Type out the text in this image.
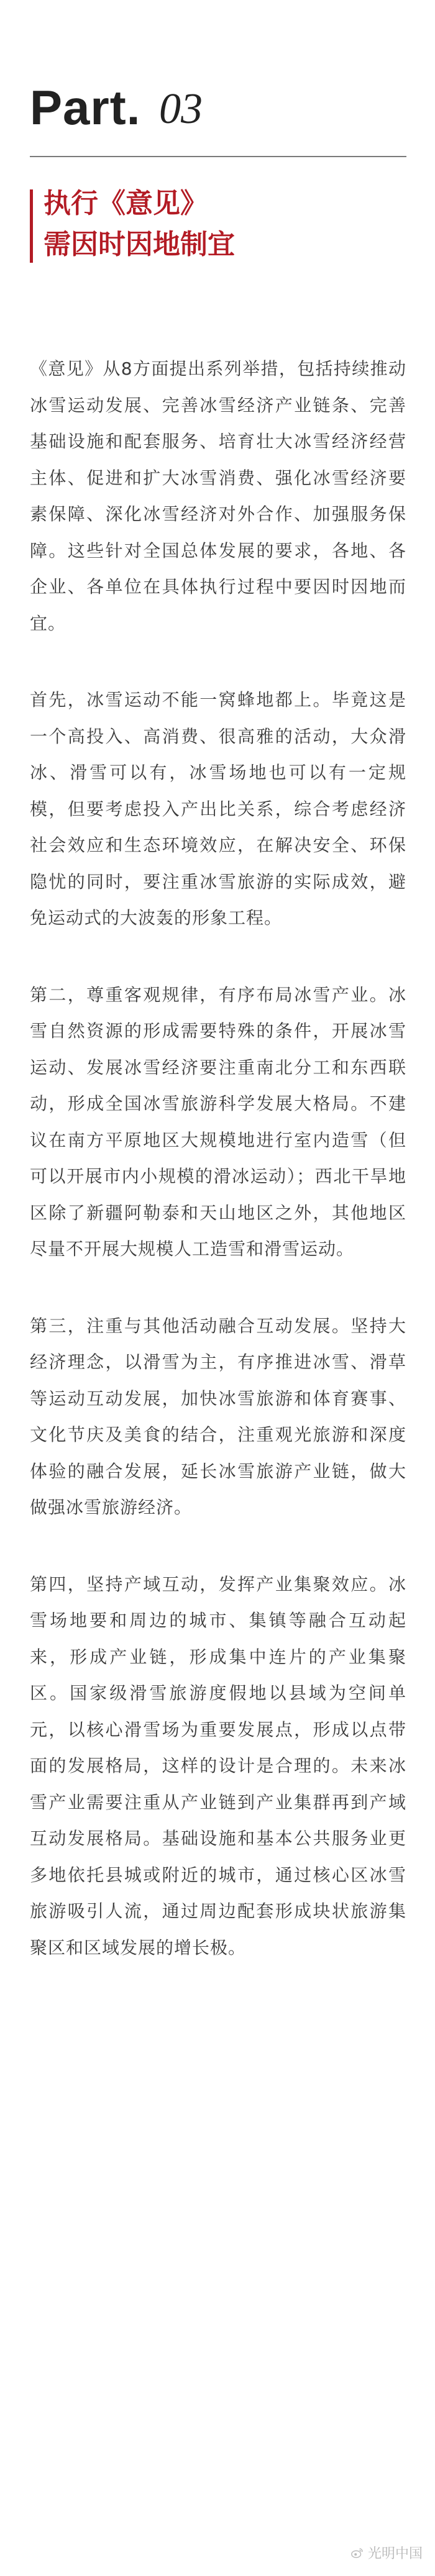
Part. 03
执行《意见》
需因时因地制宜

《意见》从8方面提出系列举措，包括持续推动冰雪运动发展、完善冰雪经济产业链条、完善基础设施和配套服务、培育壮大冰雪经济经营主体、促进和扩大冰雪消费、强化冰雪经济要素保障、深化冰雪经济对外合作、加强服务保障。这些针对全国总体发展的要求，各地、各企业、各单位在具体执行过程中要因时因地而宜。

首先，冰雪运动不能一窝蜂地都上。毕竟这是一个高投入、高消费、很高雅的活动，大众滑冰、滑雪可以有，冰雪场地也可以有一定规模，但要考虑投入产出比关系，综合考虑经济社会效应和生态环境效应，在解决安全、环保隐忧的同时，要注重冰雪旅游的实际成效，避免运动式的大波轰的形象工程。

第二，尊重客观规律，有序布局冰雪产业。冰雪自然资源的形成需要特殊的条件，开展冰雪运动、发展冰雪经济要注重南北分工和东西联动，形成全国冰雪旅游科学发展大格局。不建议在南方平原地区大规模地进行室内造雪（但可以开展市内小规模的滑冰运动）；西北干旱地区除了新疆阿勒泰和天山地区之外，其他地区尽量不开展大规模人工造雪和滑雪运动。

第三，注重与其他活动融合互动发展。坚持大经济理念，以滑雪为主，有序推进冰雪、滑草等运动互动发展，加快冰雪旅游和体育赛事、文化节庆及美食的结合，注重观光旅游和深度体验的融合发展，延长冰雪旅游产业链，做大做强冰雪旅游经济。

第四，坚持产域互动，发挥产业集聚效应。冰雪场地要和周边的城市、集镇等融合互动起来，形成产业链，形成集中连片的产业集聚区。国家级滑雪旅游度假地以县域为空间单元，以核心滑雪场为重要发展点，形成以点带面的发展格局，这样的设计是合理的。未来冰雪产业需要注重从产业链到产业集群再到产域互动发展格局。基础设施和基本公共服务业更多地依托县城或附近的城市，通过核心区冰雪旅游吸引人流，通过周边配套形成块状旅游集聚区和区域发展的增长极。

光明中国
